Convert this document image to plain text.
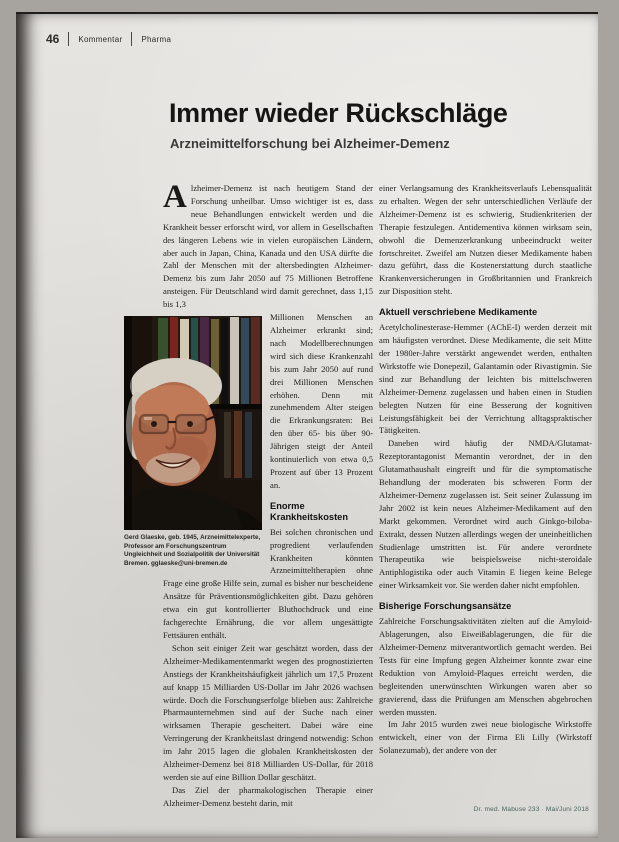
46 Kommentar Pharma
Immer wieder Rückschläge
Arzneimittelforschung bei Alzheimer-Demenz

Alzheimer-Demenz ist nach heutigem Stand der Forschung unheilbar. Umso wichtiger ist es, dass neue Behandlungen entwickelt werden und die Krankheit besser erforscht wird, vor allem in Gesellschaften des längeren Lebens wie in vielen europäischen Ländern, aber auch in Japan, China, Kanada und den USA dürfte die Zahl der Menschen mit der altersbedingten Alzheimer-Demenz bis zum Jahr 2050 auf 75 Millionen Betroffene ansteigen. Für Deutschland wird damit gerechnet, dass 1,15 bis 1,3

Foto: privat
Gerd Glaeske, geb. 1945, Arzneimittelexperte, Professor am Forschungszentrum Ungleichheit und Sozialpolitik der Universität Bremen. gglaeske@uni-bremen.de

Millionen Menschen an Alzheimer erkrankt sind; nach Modellberechnungen wird sich diese Krankenzahl bis zum Jahr 2050 auf rund drei Millionen Menschen erhöhen. Denn mit zunehmendem Alter steigen die Erkrankungsraten: Bei den über 65- bis über 90-Jährigen steigt der Anteil kontinuierlich von etwa 0,5 Prozent auf über 13 Prozent an.

Enorme Krankheitskosten

Bei solchen chronischen und progredient verlaufenden Krankheiten könnten Arzneimitteltherapien ohne Frage eine große Hilfe sein, zumal es bisher nur bescheidene Ansätze für Präventionsmöglichkeiten gibt. Dazu gehören etwa ein gut kontrollierter Bluthochdruck und eine fachgerechte Ernährung, die vor allem ungesättigte Fettsäuren enthält.

Schon seit einiger Zeit war geschätzt worden, dass der Alzheimer-Medikamentenmarkt wegen des prognostizierten Anstiegs der Krankheitshäufigkeit jährlich um 17,5 Prozent auf knapp 15 Milliarden US-Dollar im Jahr 2026 wachsen würde. Doch die Forschungserfolge blieben aus: Zahlreiche Pharmaunternehmen sind auf der Suche nach einer wirksamen Therapie gescheitert. Dabei wäre eine Verringerung der Krankheitslast dringend notwendig: Schon im Jahr 2015 lagen die globalen Krankheitskosten der Alzheimer-Demenz bei 818 Milliarden US-Dollar, für 2018 werden sie auf eine Billion Dollar geschätzt.

Das Ziel der pharmakologischen Therapie einer Alzheimer-Demenz besteht darin, mit

einer Verlangsamung des Krankheitsverlaufs Lebensqualität zu erhalten. Wegen der sehr unterschiedlichen Verläufe der Alzheimer-Demenz ist es schwierig, Studienkriterien der Therapie festzulegen. Antidementiva können wirksam sein, obwohl die Demenzerkrankung unbeeindruckt weiter fortschreitet. Zweifel am Nutzen dieser Medikamente haben dazu geführt, dass die Kostenerstattung durch staatliche Krankenversicherungen in Großbritannien und Frankreich zur Disposition steht.

Aktuell verschriebene Medikamente

Acetylcholinesterase-Hemmer (AChE-I) werden derzeit mit am häufigsten verordnet. Diese Medikamente, die seit Mitte der 1980er-Jahre verstärkt angewendet werden, enthalten Wirkstoffe wie Donepezil, Galantamin oder Rivastigmin. Sie sind zur Behandlung der leichten bis mittelschweren Alzheimer-Demenz zugelassen und haben einen in Studien belegten Nutzen für eine Besserung der kognitiven Leistungsfähigkeit bei der Verrichtung alltagspraktischer Tätigkeiten.

Daneben wird häufig der NMDA/Glutamat-Rezeptorantagonist Memantin verordnet, der in den Glutamathaushalt eingreift und für die symptomatische Behandlung der moderaten bis schweren Form der Alzheimer-Demenz zugelassen ist. Seit seiner Zulassung im Jahr 2002 ist kein neues Alzheimer-Medikament auf den Markt gekommen. Verordnet wird auch Ginkgo-biloba-Extrakt, dessen Nutzen allerdings wegen der uneinheitlichen Studienlage umstritten ist. Für andere verordnete Therapeutika wie beispielsweise nicht-steroidale Antiphlogistika oder auch Vitamin E liegen keine Belege einer Wirksamkeit vor. Sie werden daher nicht empfohlen.

Bisherige Forschungsansätze

Zahlreiche Forschungsaktivitäten zielten auf die Amyloid-Ablagerungen, also Eiweißablagerungen, die für die Alzheimer-Demenz mitverantwortlich gemacht werden. Bei Tests für eine Impfung gegen Alzheimer konnte zwar eine Reduktion von Amyloid-Plaques erreicht werden, die begleitenden unerwünschten Wirkungen waren aber so gravierend, dass die Prüfungen am Menschen abgebrochen werden mussten.

Im Jahr 2015 wurden zwei neue biologische Wirkstoffe entwickelt, einer von der Firma Eli Lilly (Wirkstoff Solanezumab), der andere von der

Dr. med. Mabuse 233 · Mai/Juni 2018
